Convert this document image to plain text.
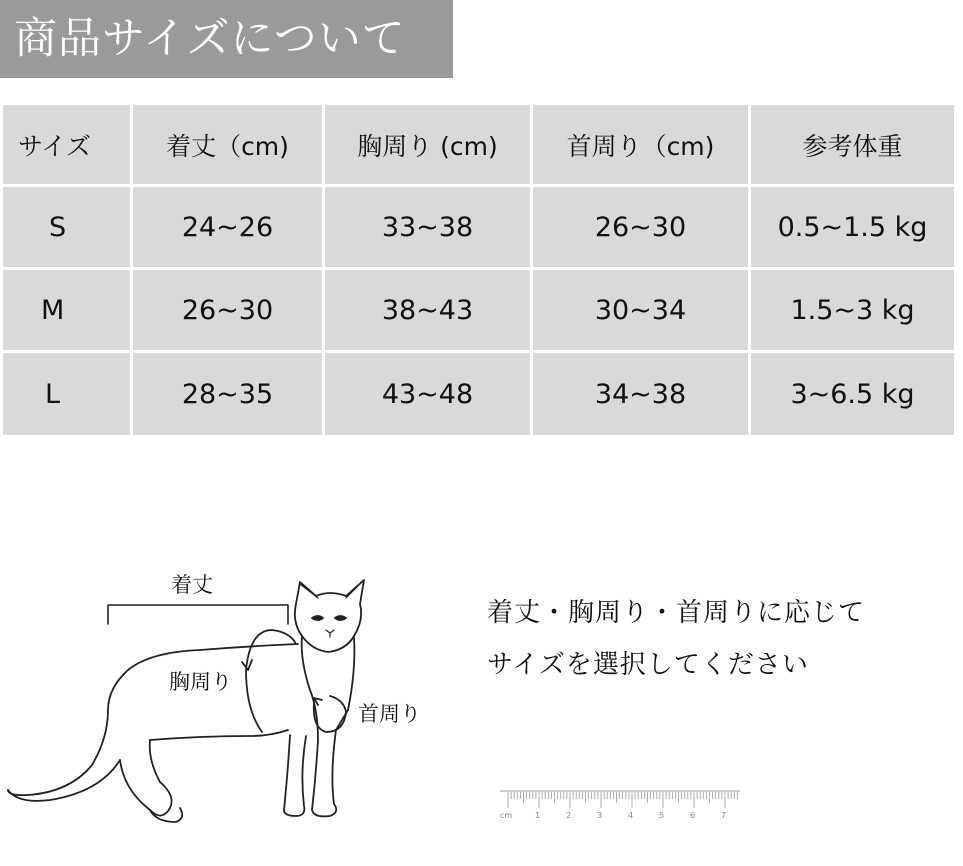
商品サイズについて
サイズ	着丈（cm)	胸周り (cm)	首周り（cm)	参考体重
S	24~26	33~38	26~30	0.5~1.5 kg
M	26~30	38~43	30~34	1.5~3 kg
L	28~35	43~48	34~38	3~6.5 kg
着丈
胸周り
首周り
着丈・胸周り・首周りに応じて
サイズを選択してください
cm	1	2	3	4	5	6	7
